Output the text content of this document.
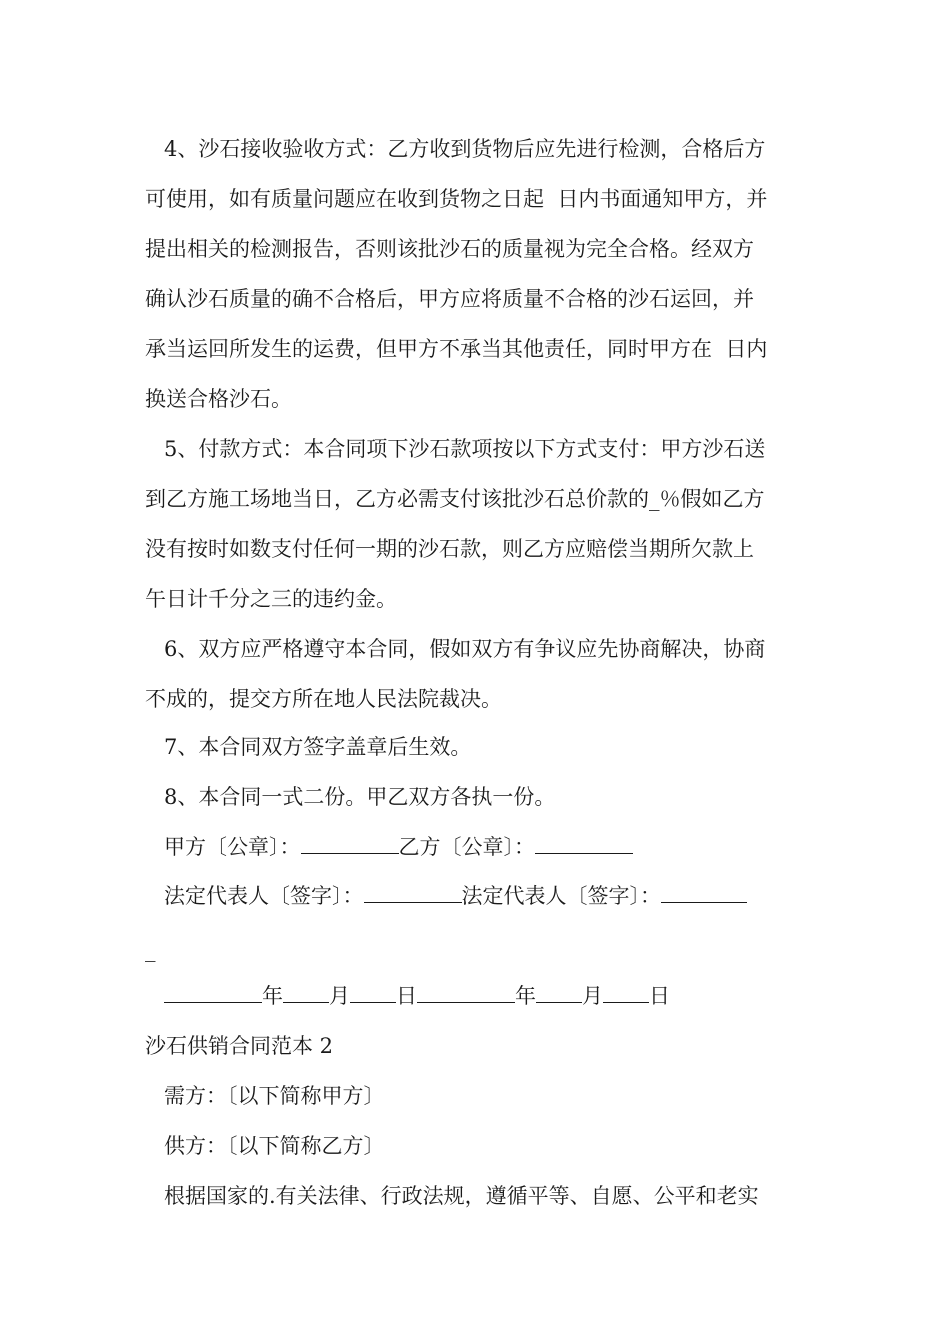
4、沙石接收验收方式：乙方收到货物后应先进行检测，合格后方

可使用，如有质量问题应在收到货物之日起  日内书面通知甲方，并

提出相关的检测报告，否则该批沙石的质量视为完全合格。经双方

确认沙石质量的确不合格后，甲方应将质量不合格的沙石运回，并

承当运回所发生的运费，但甲方不承当其他责任，同时甲方在  日内

换送合格沙石。

5、付款方式：本合同项下沙石款项按以下方式支付：甲方沙石送

到乙方施工场地当日，乙方必需支付该批沙石总价款的_％假如乙方

没有按时如数支付任何一期的沙石款，则乙方应赔偿当期所欠款上

午日计千分之三的违约金。

6、双方应严格遵守本合同，假如双方有争议应先协商解决，协商

不成的，提交方所在地人民法院裁决。

7、本合同双方签字盖章后生效。

8、本合同一式二份。甲乙双方各执一份。

甲方〔公章〕：	乙方〔公章〕：
法定代表人〔签字〕：	法定代表人〔签字〕：

_

年 月 日	年 月 日

沙石供销合同范本 2

需方：〔以下简称甲方〕

供方：〔以下简称乙方〕

根据国家的.有关法律、行政法规，遵循平等、自愿、公平和老实
